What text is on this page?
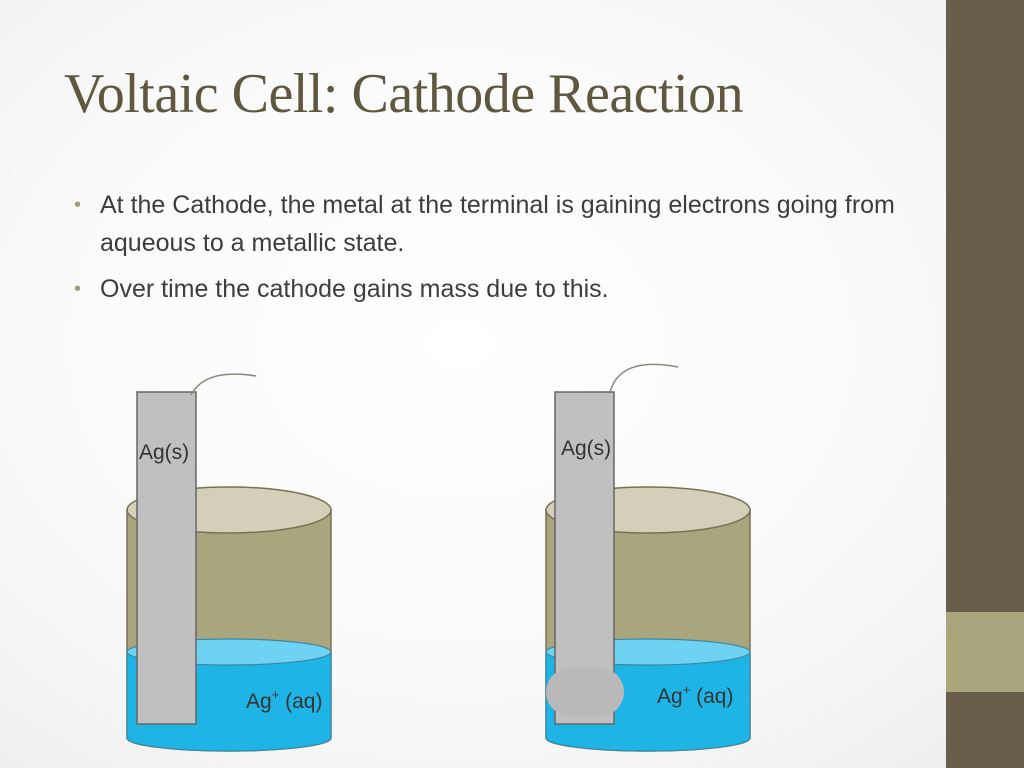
Voltaic Cell: Cathode Reaction
• At the Cathode, the metal at the terminal is gaining electrons going from aqueous to a metallic state.
• Over time the cathode gains mass due to this.
Ag(s)
Ag+ (aq)
Ag(s)
Ag+ (aq)
